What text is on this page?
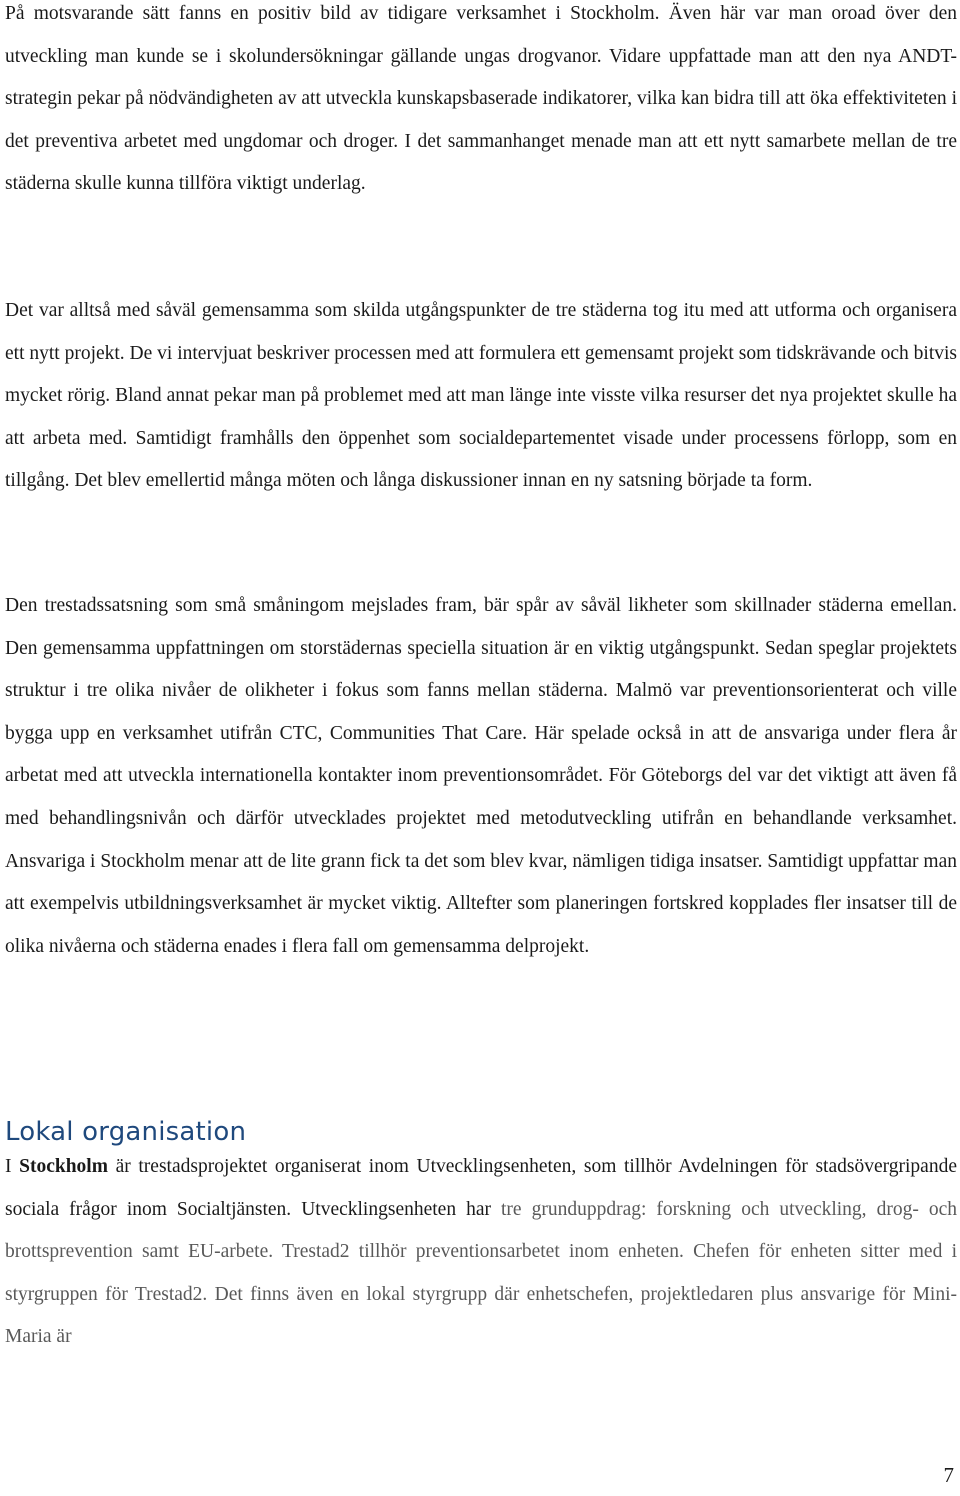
På motsvarande sätt fanns en positiv bild av tidigare verksamhet i Stockholm. Även här var man oroad över den utveckling man kunde se i skolundersökningar gällande ungas drogvanor. Vidare uppfattade man att den nya ANDT-strategin pekar på nödvändigheten av att utveckla kunskapsbaserade indikatorer, vilka kan bidra till att öka effektiviteten i det preventiva arbetet med ungdomar och droger. I det sammanhanget menade man att ett nytt samarbete mellan de tre städerna skulle kunna tillföra viktigt underlag.

Det var alltså med såväl gemensamma som skilda utgångspunkter de tre städerna tog itu med att utforma och organisera ett nytt projekt. De vi intervjuat beskriver processen med att formulera ett gemensamt projekt som tidskrävande och bitvis mycket rörig. Bland annat pekar man på problemet med att man länge inte visste vilka resurser det nya projektet skulle ha att arbeta med. Samtidigt framhålls den öppenhet som socialdepartementet visade under processens förlopp, som en tillgång. Det blev emellertid många möten och långa diskussioner innan en ny satsning började ta form.

Den trestadssatsning som små småningom mejslades fram, bär spår av såväl likheter som skillnader städerna emellan. Den gemensamma uppfattningen om storstädernas speciella situation är en viktig utgångspunkt. Sedan speglar projektets struktur i tre olika nivåer de olikheter i fokus som fanns mellan städerna. Malmö var preventionsorienterat och ville bygga upp en verksamhet utifrån CTC, Communities That Care. Här spelade också in att de ansvariga under flera år arbetat med att utveckla internationella kontakter inom preventionsområdet. För Göteborgs del var det viktigt att även få med behandlingsnivån och därför utvecklades projektet med metodutveckling utifrån en behandlande verksamhet. Ansvariga i Stockholm menar att de lite grann fick ta det som blev kvar, nämligen tidiga insatser. Samtidigt uppfattar man att exempelvis utbildningsverksamhet är mycket viktig. Alltefter som planeringen fortskred kopplades fler insatser till de olika nivåerna och städerna enades i flera fall om gemensamma delprojekt.

Lokal organisation

I Stockholm är trestadsprojektet organiserat inom Utvecklingsenheten, som tillhör Avdelningen för stadsövergripande sociala frågor inom Socialtjänsten. Utvecklingsenheten har tre grunduppdrag: forskning och utveckling, drog- och brottsprevention samt EU-arbete. Trestad2 tillhör preventionsarbetet inom enheten. Chefen för enheten sitter med i styrgruppen för Trestad2. Det finns även en lokal styrgrupp där enhetschefen, projektledaren plus ansvarige för Mini-Maria är

7
